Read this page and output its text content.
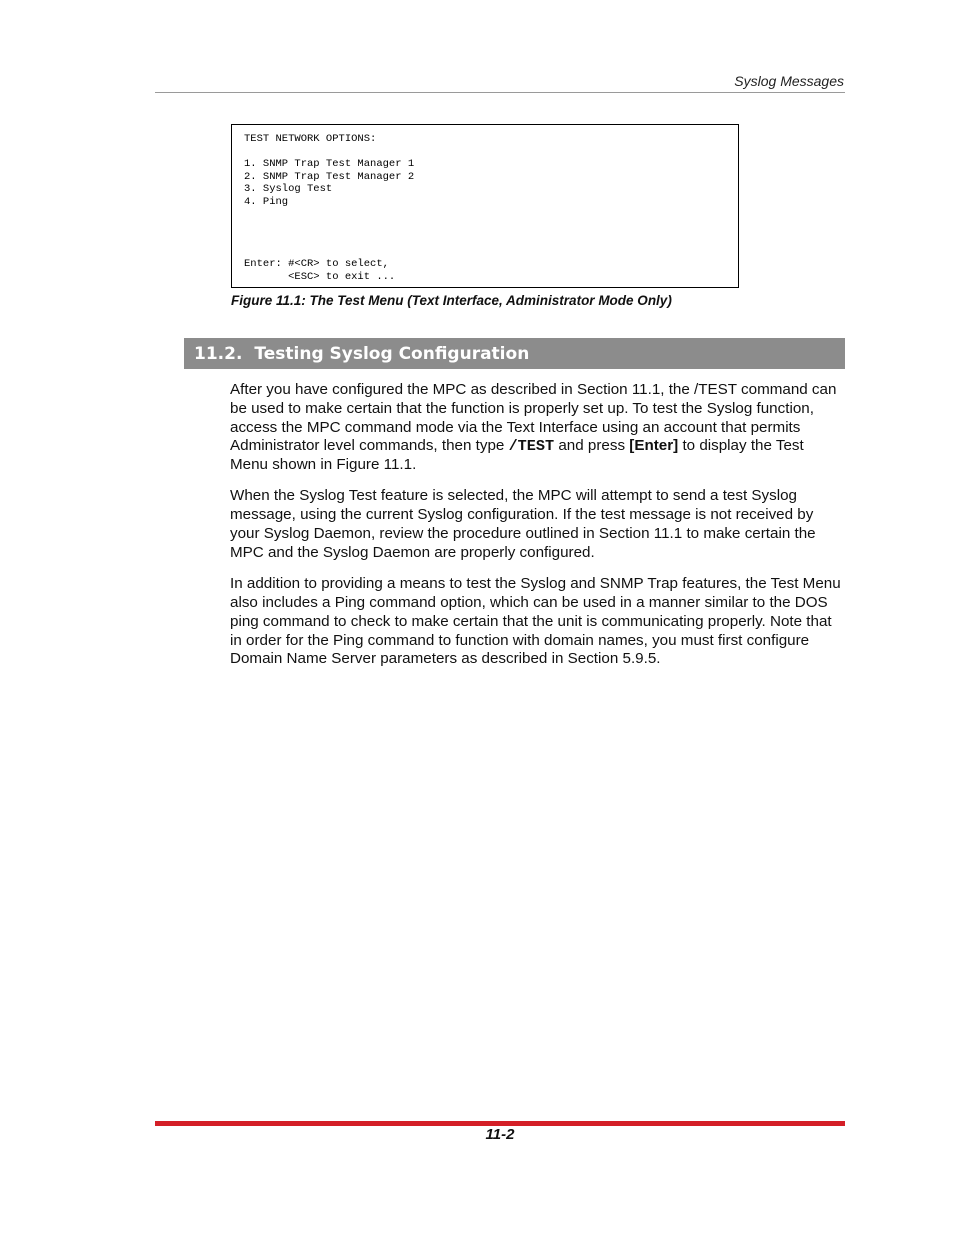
Syslog Messages
TEST NETWORK OPTIONS:

1. SNMP Trap Test Manager 1
2. SNMP Trap Test Manager 2
3. Syslog Test
4. Ping

Enter: #<CR> to select,
<ESC> to exit ...
Figure 11.1: The Test Menu (Text Interface, Administrator Mode Only)
11.2. Testing Syslog Configuration

After you have configured the MPC as described in Section 11.1, the /TEST command can be used to make certain that the function is properly set up. To test the Syslog function, access the MPC command mode via the Text Interface using an account that permits Administrator level commands, then type /TEST and press [Enter] to display the Test Menu shown in Figure 11.1.

When the Syslog Test feature is selected, the MPC will attempt to send a test Syslog message, using the current Syslog configuration. If the test message is not received by your Syslog Daemon, review the procedure outlined in Section 11.1 to make certain the MPC and the Syslog Daemon are properly configured.

In addition to providing a means to test the Syslog and SNMP Trap features, the Test Menu also includes a Ping command option, which can be used in a manner similar to the DOS ping command to check to make certain that the unit is communicating properly. Note that in order for the Ping command to function with domain names, you must first configure Domain Name Server parameters as described in Section 5.9.5.

11-2
